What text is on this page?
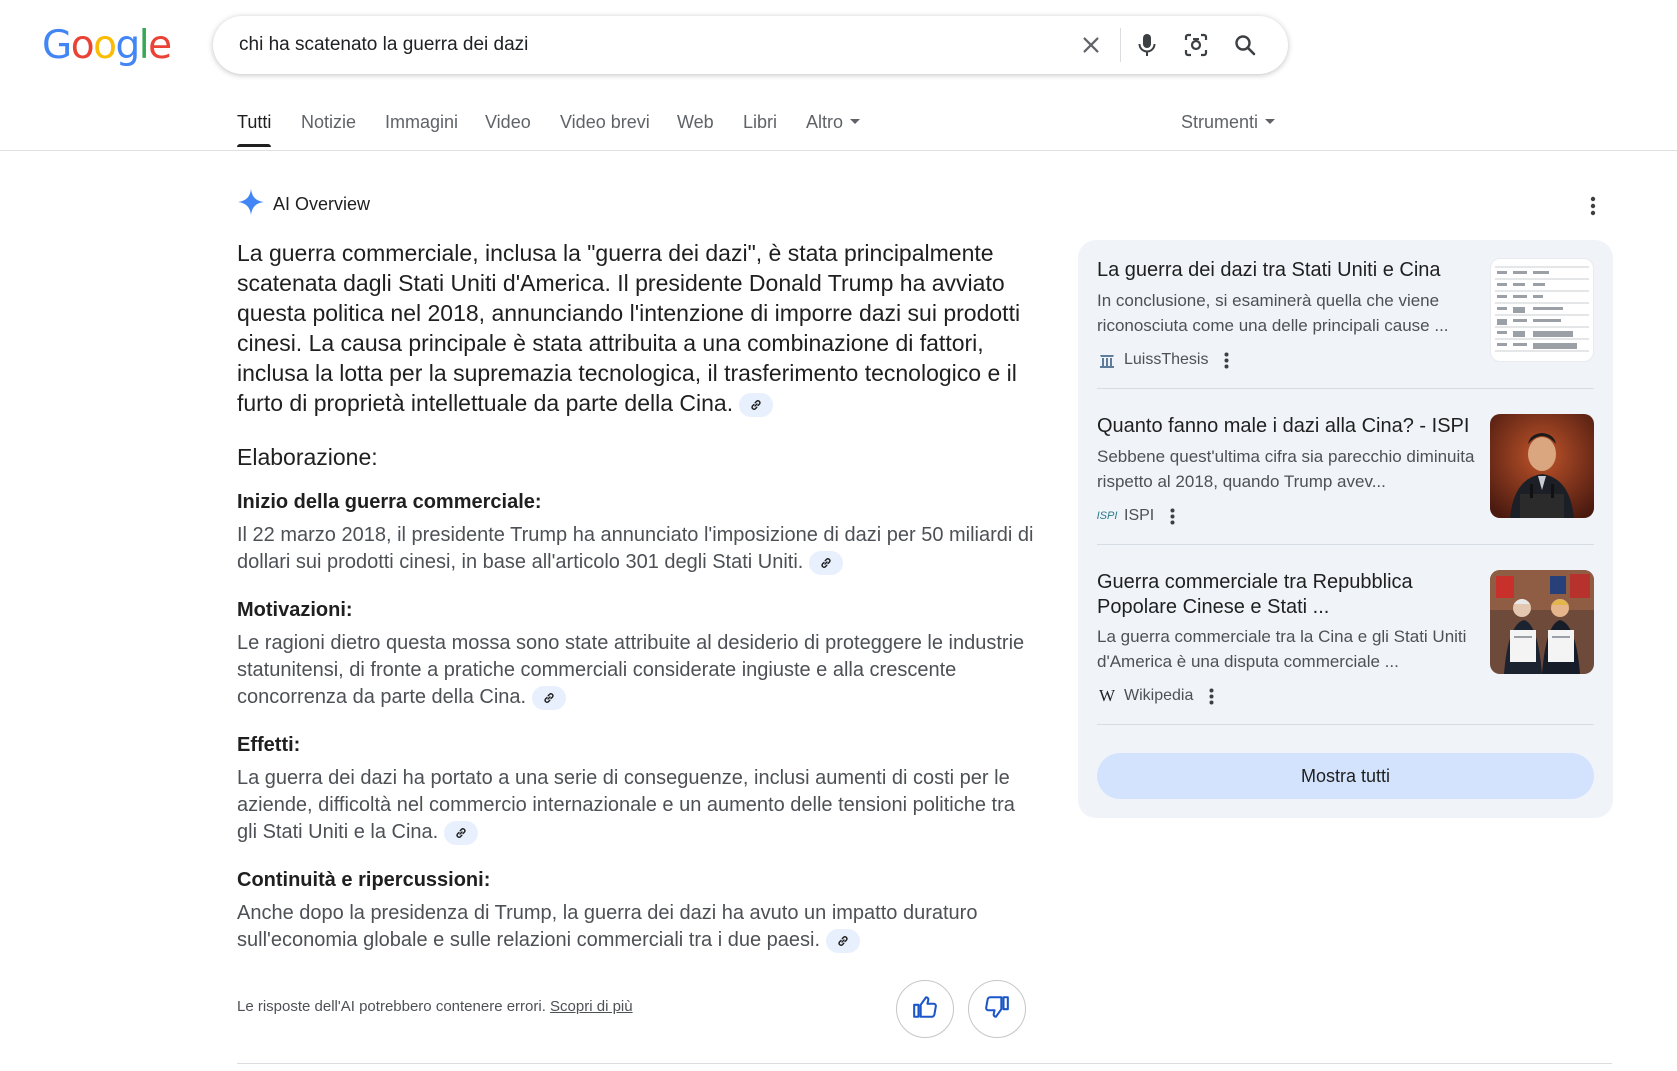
Google	chi ha scatenato la guerra dei dazi
Tutti Notizie Immagini Video Video brevi Web Libri Altro	Strumenti
AI Overview
La guerra commerciale, inclusa la "guerra dei dazi", è stata principalmente scatenata dagli Stati Uniti d'America. Il presidente Donald Trump ha avviato questa politica nel 2018, annunciando l'intenzione di imporre dazi sui prodotti cinesi. La causa principale è stata attribuita a una combinazione di fattori, inclusa la lotta per la supremazia tecnologica, il trasferimento tecnologico e il furto di proprietà intellettuale da parte della Cina.
Elaborazione:
Inizio della guerra commerciale:

Il 22 marzo 2018, il presidente Trump ha annunciato l'imposizione di dazi per 50 miliardi di dollari sui prodotti cinesi, in base all'articolo 301 degli Stati Uniti.

Motivazioni:

Le ragioni dietro questa mossa sono state attribuite al desiderio di proteggere le industrie statunitensi, di fronte a pratiche commerciali considerate ingiuste e alla crescente concorrenza da parte della Cina.

Effetti:

La guerra dei dazi ha portato a una serie di conseguenze, inclusi aumenti di costi per le aziende, difficoltà nel commercio internazionale e un aumento delle tensioni politiche tra gli Stati Uniti e la Cina.

Continuità e ripercussioni:

Anche dopo la presidenza di Trump, la guerra dei dazi ha avuto un impatto duraturo sull'economia globale e sulle relazioni commerciali tra i due paesi.

Le risposte dell'AI potrebbero contenere errori. Scopri di più
La guerra dei dazi tra Stati Uniti e Cina
In conclusione, si esaminerà quella che viene riconosciuta come una delle principali cause ...
LuissThesis
Quanto fanno male i dazi alla Cina? - ISPI
Sebbene quest'ultima cifra sia parecchio diminuita rispetto al 2018, quando Trump avev...
ISPI ISPI
Guerra commerciale tra Repubblica Popolare Cinese e Stati ...
La guerra commerciale tra la Cina e gli Stati Uniti d'America è una disputa commerciale ...
W Wikipedia
Mostra tutti
